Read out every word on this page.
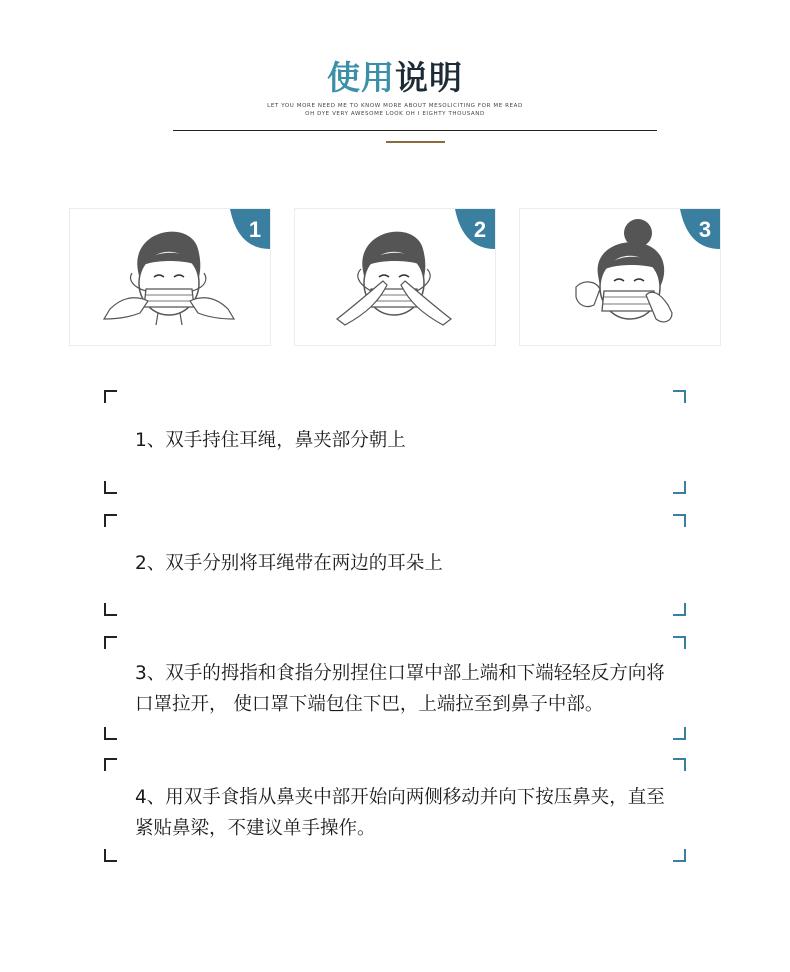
使用说明
LET YOU MORE NEED ME TO KNOW MORE ABOUT MESOLICITING FOR ME READ
OH DYE VERY AWESOME LOOK OH I EIGHTY THOUSAND
1	2	3
1、双手持住耳绳，鼻夹部分朝上
2、双手分别将耳绳带在两边的耳朵上
3、双手的拇指和食指分别捏住口罩中部上端和下端轻轻反方向将口罩拉开， 使口罩下端包住下巴，上端拉至到鼻子中部。
4、用双手食指从鼻夹中部开始向两侧移动并向下按压鼻夹，直至紧贴鼻梁，不建议单手操作。
